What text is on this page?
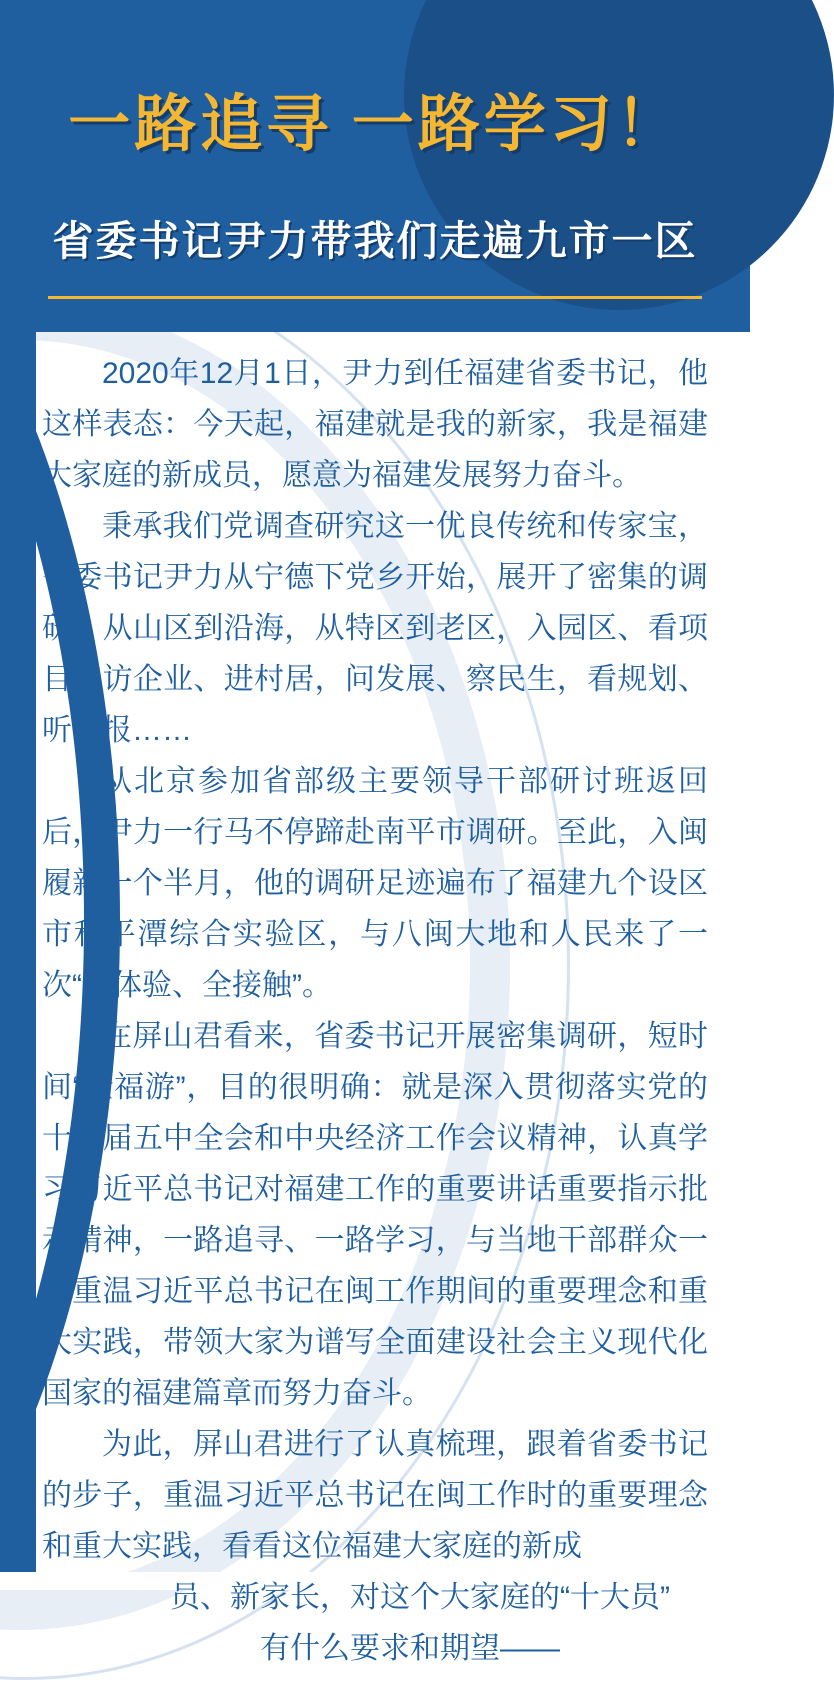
一路追寻 一路学习！
省委书记尹力带我们走遍九市一区

2020年12月1日，尹力到任福建省委书记，他这样表态：今天起，福建就是我的新家，我是福建大家庭的新成员，愿意为福建发展努力奋斗。

秉承我们党调查研究这一优良传统和传家宝，省委书记尹力从宁德下党乡开始，展开了密集的调研，从山区到沿海，从特区到老区，入园区、看项目，访企业、进村居，问发展、察民生，看规划、听汇报……

从北京参加省部级主要领导干部研讨班返回后，尹力一行马不停蹄赴南平市调研。至此，入闽履新一个半月，他的调研足迹遍布了福建九个设区市和平潭综合实验区，与八闽大地和人民来了一次“初体验、全接触”。

在屏山君看来，省委书记开展密集调研，短时间“全福游”，目的很明确：就是深入贯彻落实党的十九届五中全会和中央经济工作会议精神，认真学习习近平总书记对福建工作的重要讲话重要指示批示精神，一路追寻、一路学习，与当地干部群众一起重温习近平总书记在闽工作期间的重要理念和重大实践，带领大家为谱写全面建设社会主义现代化国家的福建篇章而努力奋斗。

为此，屏山君进行了认真梳理，跟着省委书记的步子，重温习近平总书记在闽工作时的重要理念和重大实践，看看这位福建大家庭的新成

员、新家长，对这个大家庭的“十大员”

有什么要求和期望——
